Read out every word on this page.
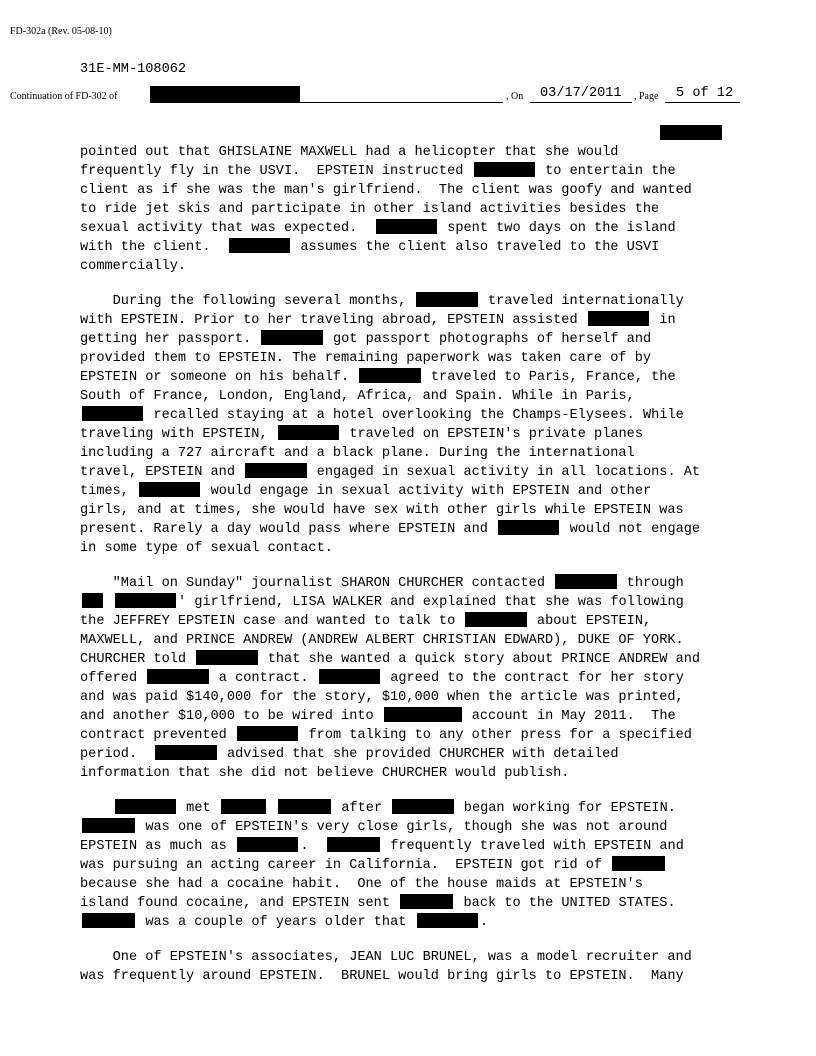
FD-302a (Rev. 05-08-10)
31E-MM-108062
Continuation of FD-302 of	, On 03/17/2011 , Page 5 of 12
pointed out that GHISLAINE MAXWELL had a helicopter that she would
frequently fly in the USVI.  EPSTEIN instructed	to entertain the
client as if she was the man's girlfriend.  The client was goofy and wanted
to ride jet skis and participate in other island activities besides the
sexual activity that was expected.	spent two days on the island
with the client.	assumes the client also traveled to the USVI
commercially.
During the following several months,	traveled internationally
with EPSTEIN. Prior to her traveling abroad, EPSTEIN assisted	in
getting her passport.	got passport photographs of herself and
provided them to EPSTEIN. The remaining paperwork was taken care of by
EPSTEIN or someone on his behalf.	traveled to Paris, France, the
South of France, London, England, Africa, and Spain. While in Paris,
recalled staying at a hotel overlooking the Champs-Elysees. While
traveling with EPSTEIN,	traveled on EPSTEIN's private planes
including a 727 aircraft and a black plane. During the international
travel, EPSTEIN and	engaged in sexual activity in all locations. At
times,	would engage in sexual activity with EPSTEIN and other
girls, and at times, she would have sex with other girls while EPSTEIN was
present. Rarely a day would pass where EPSTEIN and	would not engage
in some type of sexual contact.
"Mail on Sunday" journalist SHARON CHURCHER contacted	through
' girlfriend, LISA WALKER and explained that she was following
the JEFFREY EPSTEIN case and wanted to talk to	about EPSTEIN,
MAXWELL, and PRINCE ANDREW (ANDREW ALBERT CHRISTIAN EDWARD), DUKE OF YORK.
CHURCHER told	that she wanted a quick story about PRINCE ANDREW and
offered	a contract.	agreed to the contract for her story
and was paid $140,000 for the story, $10,000 when the article was printed,
and another $10,000 to be wired into	account in May 2011.  The
contract prevented	from talking to any other press for a specified
period.	advised that she provided CHURCHER with detailed
information that she did not believe CHURCHER would publish.
met	after	began working for EPSTEIN.
was one of EPSTEIN's very close girls, though she was not around
EPSTEIN as much as	.	frequently traveled with EPSTEIN and
was pursuing an acting career in California.  EPSTEIN got rid of
because she had a cocaine habit.  One of the house maids at EPSTEIN's
island found cocaine, and EPSTEIN sent	back to the UNITED STATES.
was a couple of years older that	.
One of EPSTEIN's associates, JEAN LUC BRUNEL, was a model recruiter and
was frequently around EPSTEIN.  BRUNEL would bring girls to EPSTEIN.  Many
